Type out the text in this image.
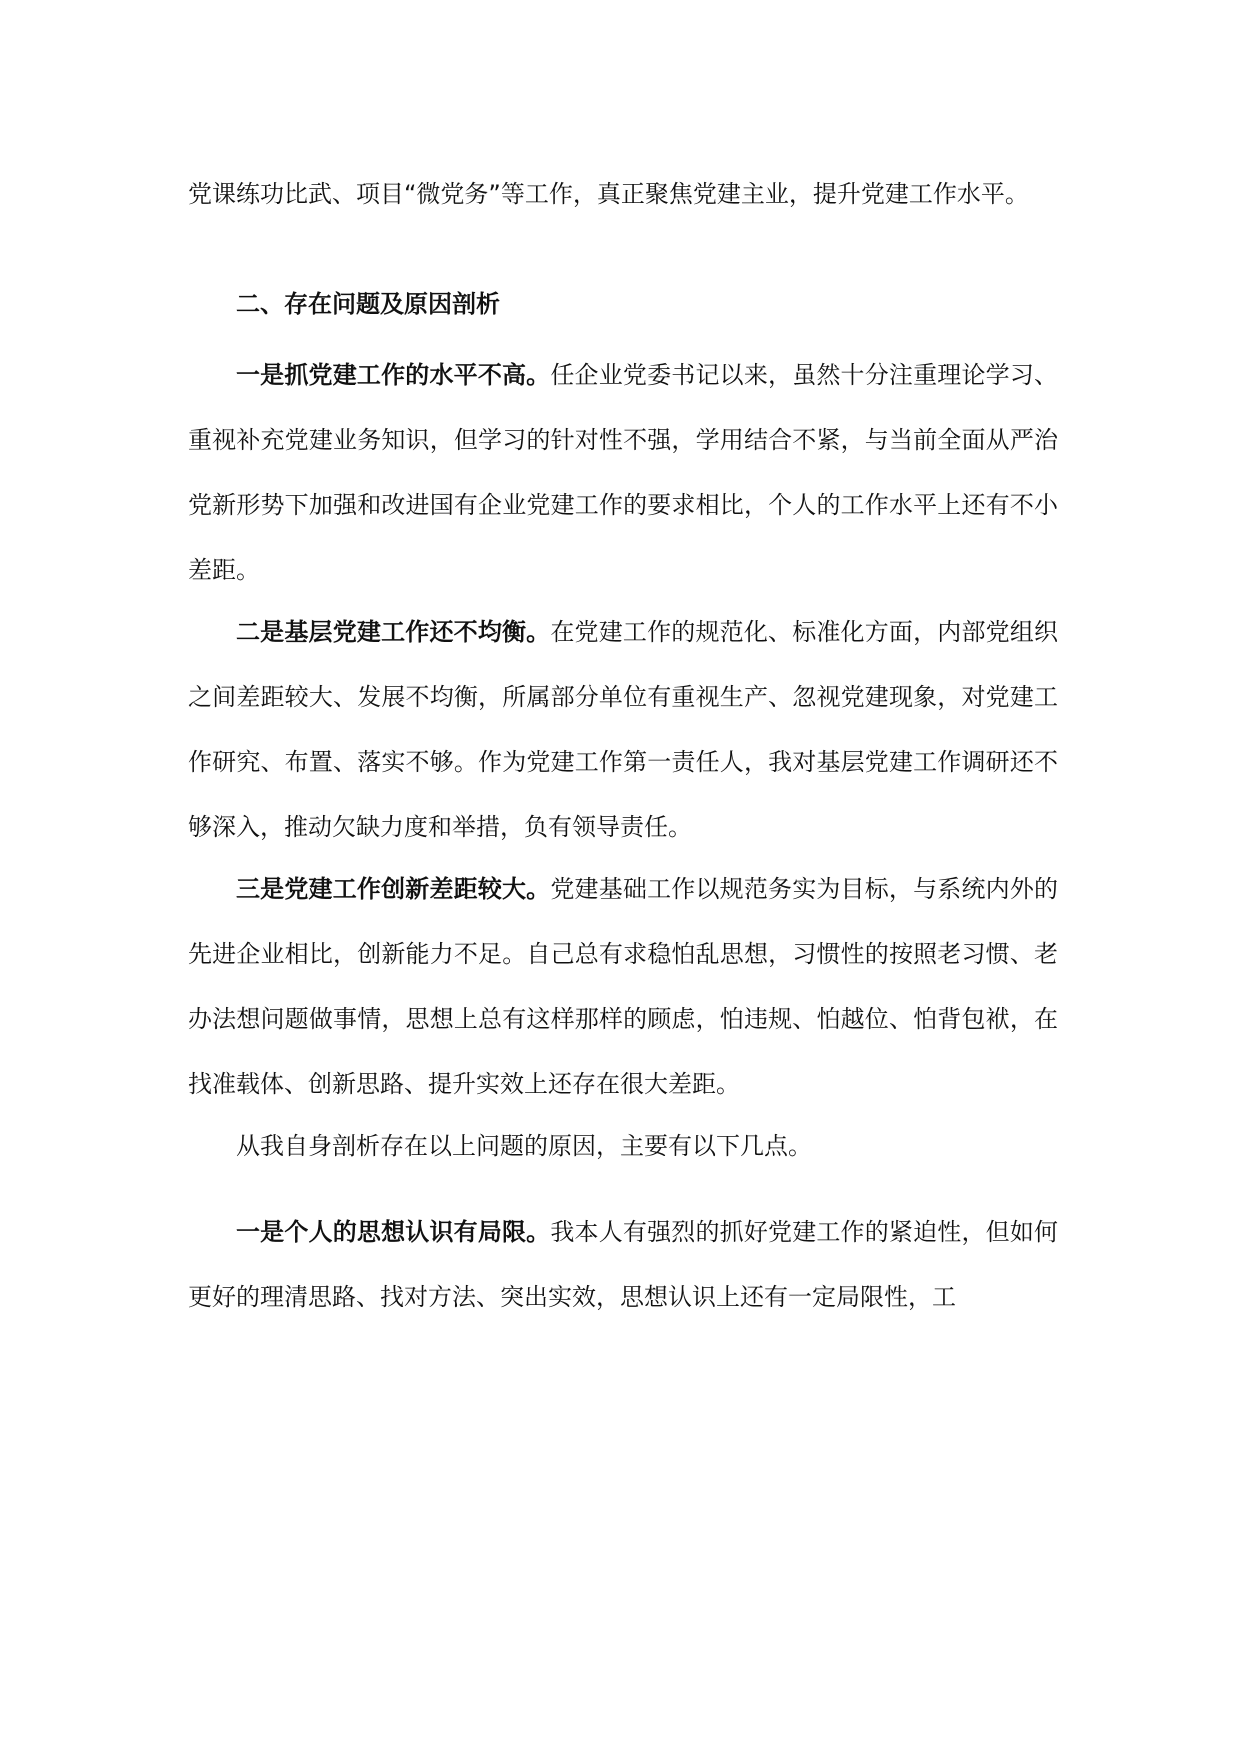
党课练功比武、项目“微党务”等工作，真正聚焦党建主业，提升党建工作水平。

二、存在问题及原因剖析

一是抓党建工作的水平不高。任企业党委书记以来，虽然十分注重理论学习、重视补充党建业务知识，但学习的针对性不强，学用结合不紧，与当前全面从严治党新形势下加强和改进国有企业党建工作的要求相比，个人的工作水平上还有不小差距。

二是基层党建工作还不均衡。在党建工作的规范化、标准化方面，内部党组织之间差距较大、发展不均衡，所属部分单位有重视生产、忽视党建现象，对党建工作研究、布置、落实不够。作为党建工作第一责任人，我对基层党建工作调研还不够深入，推动欠缺力度和举措，负有领导责任。

三是党建工作创新差距较大。党建基础工作以规范务实为目标，与系统内外的先进企业相比，创新能力不足。自己总有求稳怕乱思想，习惯性的按照老习惯、老办法想问题做事情，思想上总有这样那样的顾虑，怕违规、怕越位、怕背包袱，在找准载体、创新思路、提升实效上还存在很大差距。

从我自身剖析存在以上问题的原因，主要有以下几点。

一是个人的思想认识有局限。我本人有强烈的抓好党建工作的紧迫性，但如何更好的理清思路、找对方法、突出实效，思想认识上还有一定局限性，工
